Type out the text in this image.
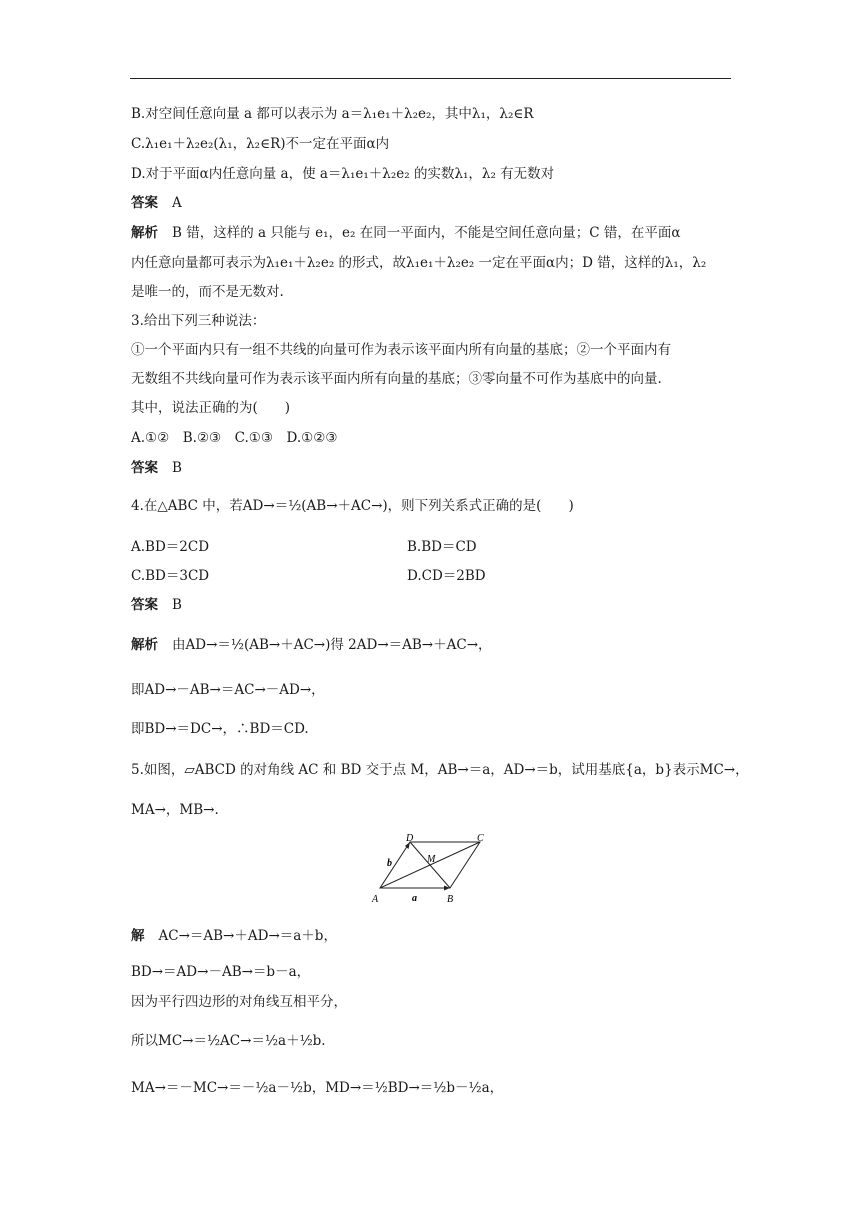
B.对空间任意向量 a 都可以表示为 a＝λ₁e₁＋λ₂e₂，其中λ₁，λ₂∈R
C.λ₁e₁＋λ₂e₂(λ₁，λ₂∈R)不一定在平面α内
D.对于平面α内任意向量 a，使 a＝λ₁e₁＋λ₂e₂ 的实数λ₁，λ₂ 有无数对
答案 A
解析 B 错，这样的 a 只能与 e₁，e₂ 在同一平面内，不能是空间任意向量；C 错，在平面α
内任意向量都可表示为λ₁e₁＋λ₂e₂ 的形式，故λ₁e₁＋λ₂e₂ 一定在平面α内；D 错，这样的λ₁，λ₂
是唯一的，而不是无数对.
3.给出下列三种说法：
①一个平面内只有一组不共线的向量可作为表示该平面内所有向量的基底；②一个平面内有
无数组不共线向量可作为表示该平面内所有向量的基底；③零向量不可作为基底中的向量.
其中，说法正确的为(　　)
A.①②　B.②③　C.①③　D.①②③
答案 B
4.在△ABC 中，若AD→＝½(AB→＋AC→)，则下列关系式正确的是(　　)
A.BD＝2CD	B.BD＝CD
C.BD＝3CD	D.CD＝2BD
答案 B
解析 由AD→＝½(AB→＋AC→)得 2AD→＝AB→＋AC→，
即AD→－AB→＝AC→－AD→，
即BD→＝DC→，∴BD＝CD.
5.如图，▱ABCD 的对角线 AC 和 BD 交于点 M，AB→＝a，AD→＝b，试用基底{a，b}表示MC→，
MA→，MB→.
A	B
C
D
M
a
b
解 AC→＝AB→＋AD→＝a＋b，
BD→＝AD→－AB→＝b－a，
因为平行四边形的对角线互相平分，
所以MC→＝½AC→＝½a＋½b.
MA→＝－MC→＝－½a－½b，MD→＝½BD→＝½b－½a，
